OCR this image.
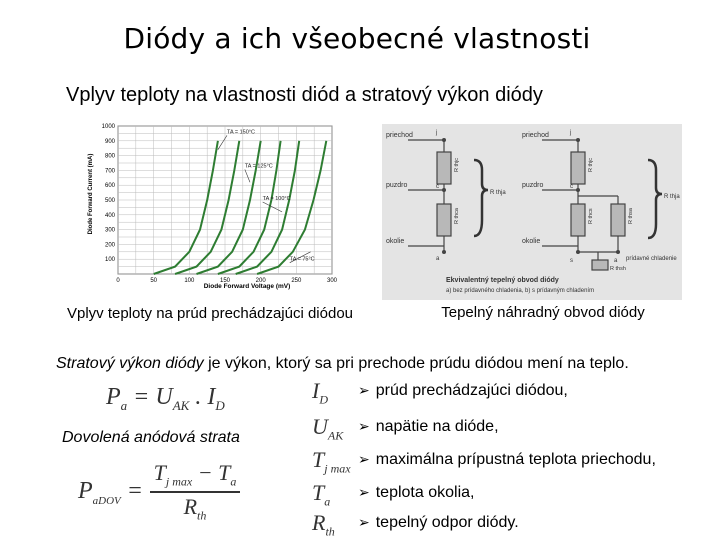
Diódy a ich všeobecné vlastnosti
Vplyv teploty na vlastnosti diód a stratový výkon diódy
0	50	100	150	200	250	300
100
200
300
400
500
600
700
800
900
1000
TA = 150°C
TA = 125°C
TA = 100°C
TA = 75°C
Diode Forward Voltage (mV)
Diode Forward Current (mA)
priechod
puzdro
okolie
j
c
a
R thjc
R thca
R thja
priechod
puzdro
okolie
j
c
s	a
R thjc
R thcs	R thsa
R thja
R thsh
prídavné chladenie
Ekvivalentný tepelný obvod diódy
a) bez prídavného chladenia, b) s prídavným chladením
Vplyv teploty na prúd prechádzajúci diódou	Tepelný náhradný obvod diódy
Stratový výkon diódy je výkon, ktorý sa pri prechode prúdu diódou mení na teplo.
$P_a = U_{AK}$ . $I_D$
Dovolená anódová strata
$P_{aDOV}$ =
$T_{j max} - T_a$
$R_{th}$
$I_D$
➢ prúd prechádzajúci diódou,
$U_{AK}$
➢ napätie na dióde,
$T_{j max}$
➢ maximálna prípustná teplota priechodu,
$T_a$
➢ teplota okolia,
$R_{th}$
➢ tepelný odpor diódy.
